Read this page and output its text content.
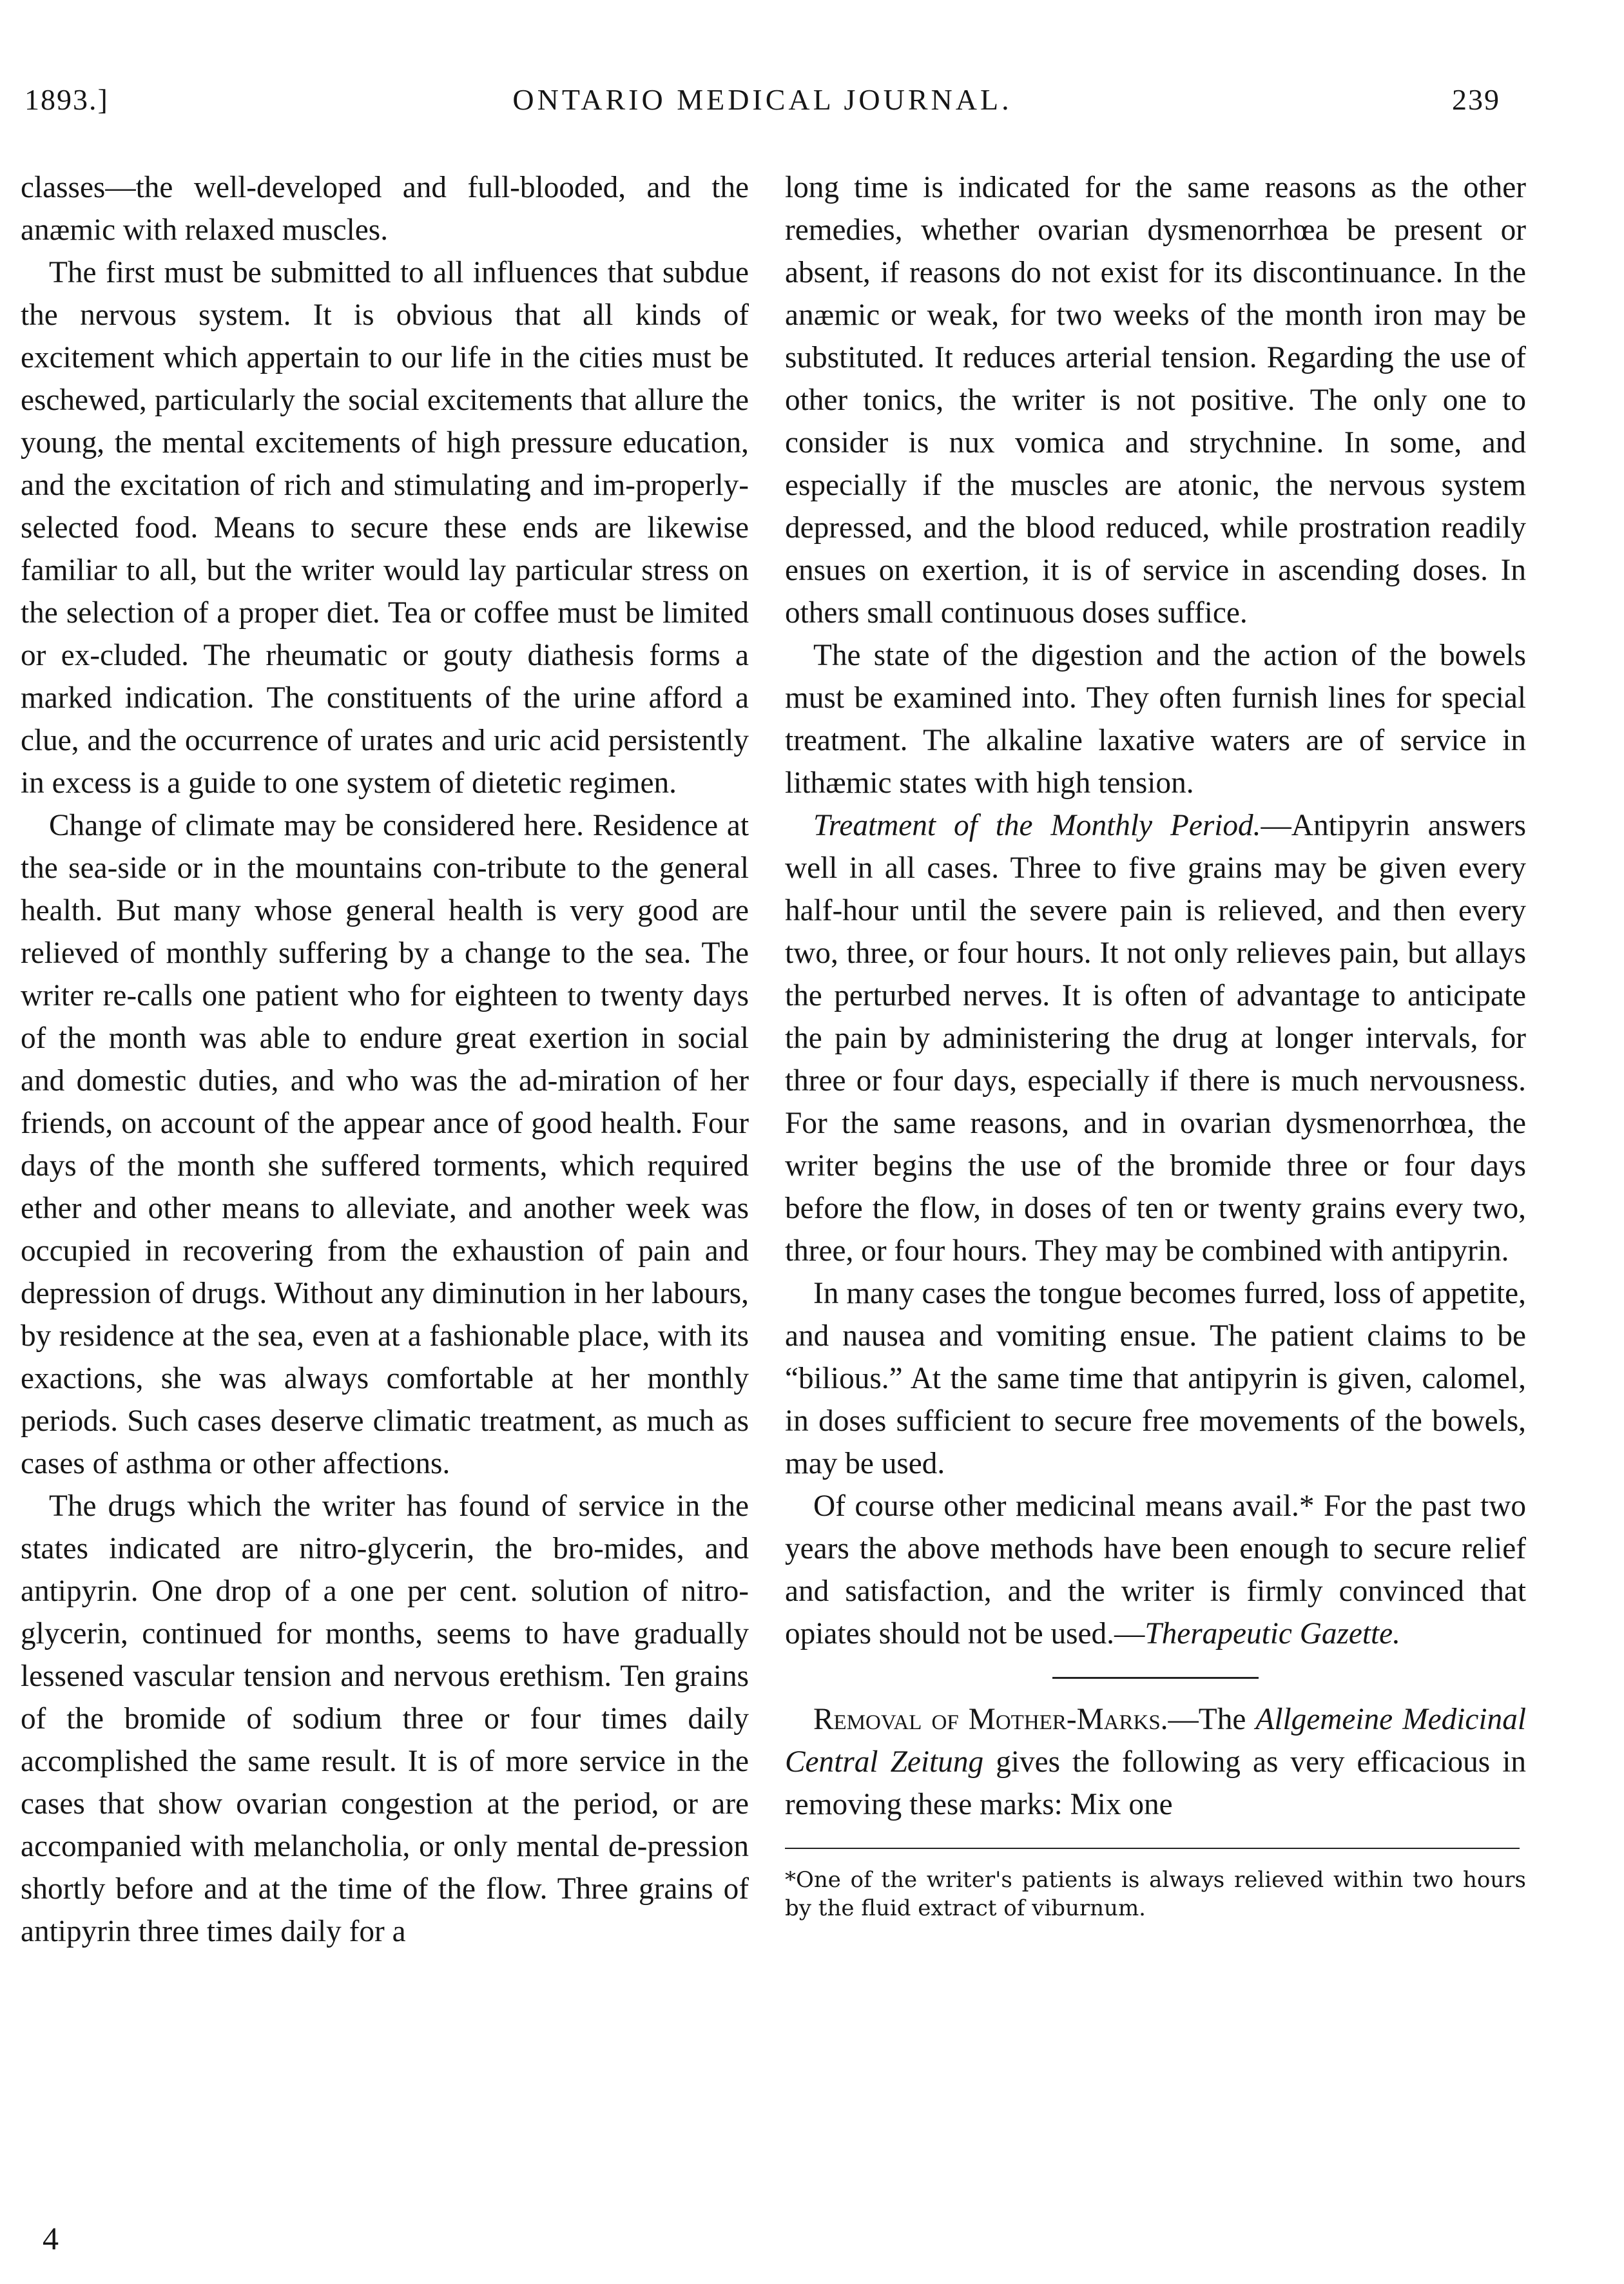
1893.]	ONTARIO MEDICAL JOURNAL.	239

classes—the well-developed and full-blooded, and the anæmic with relaxed muscles.

The first must be submitted to all influences that subdue the nervous system. It is obvious that all kinds of excitement which appertain to our life in the cities must be eschewed, particularly the social excitements that allure the young, the mental excitements of high pressure education, and the excitation of rich and stimulating and im-properly-selected food. Means to secure these ends are likewise familiar to all, but the writer would lay particular stress on the selection of a proper diet. Tea or coffee must be limited or ex-cluded. The rheumatic or gouty diathesis forms a marked indication. The constituents of the urine afford a clue, and the occurrence of urates and uric acid persistently in excess is a guide to one system of dietetic regimen.

Change of climate may be considered here. Residence at the sea-side or in the mountains con-tribute to the general health. But many whose general health is very good are relieved of monthly suffering by a change to the sea. The writer re-calls one patient who for eighteen to twenty days of the month was able to endure great exertion in social and domestic duties, and who was the ad-miration of her friends, on account of the appear ance of good health. Four days of the month she suffered torments, which required ether and other means to alleviate, and another week was occupied in recovering from the exhaustion of pain and depression of drugs. Without any diminution in her labours, by residence at the sea, even at a fashionable place, with its exactions, she was always comfortable at her monthly periods. Such cases deserve climatic treatment, as much as cases of asthma or other affections.

The drugs which the writer has found of service in the states indicated are nitro-glycerin, the bro-mides, and antipyrin. One drop of a one per cent. solution of nitro-glycerin, continued for months, seems to have gradually lessened vascular tension and nervous erethism. Ten grains of the bromide of sodium three or four times daily accomplished the same result. It is of more service in the cases that show ovarian congestion at the period, or are accompanied with melancholia, or only mental de-pression shortly before and at the time of the flow. Three grains of antipyrin three times daily for a

long time is indicated for the same reasons as the other remedies, whether ovarian dysmenorrhœa be present or absent, if reasons do not exist for its discontinuance. In the anæmic or weak, for two weeks of the month iron may be substituted. It reduces arterial tension. Regarding the use of other tonics, the writer is not positive. The only one to consider is nux vomica and strychnine. In some, and especially if the muscles are atonic, the nervous system depressed, and the blood reduced, while prostration readily ensues on exertion, it is of service in ascending doses. In others small continuous doses suffice.

The state of the digestion and the action of the bowels must be examined into. They often furnish lines for special treatment. The alkaline laxative waters are of service in lithæmic states with high tension.

Treatment of the Monthly Period.—Antipyrin answers well in all cases. Three to five grains may be given every half-hour until the severe pain is relieved, and then every two, three, or four hours. It not only relieves pain, but allays the perturbed nerves. It is often of advantage to anticipate the pain by administering the drug at longer intervals, for three or four days, especially if there is much nervousness. For the same reasons, and in ovarian dysmenorrhœa, the writer begins the use of the bromide three or four days before the flow, in doses of ten or twenty grains every two, three, or four hours. They may be combined with antipyrin.

In many cases the tongue becomes furred, loss of appetite, and nausea and vomiting ensue. The patient claims to be “bilious.” At the same time that antipyrin is given, calomel, in doses sufficient to secure free movements of the bowels, may be used.

Of course other medicinal means avail.* For the past two years the above methods have been enough to secure relief and satisfaction, and the writer is firmly convinced that opiates should not be used.—Therapeutic Gazette.

Removal of Mother-Marks.—The Allgemeine Medicinal Central Zeitung gives the following as very efficacious in removing these marks: Mix one

*One of the writer's patients is always relieved within two hours by the fluid extract of viburnum.

4
